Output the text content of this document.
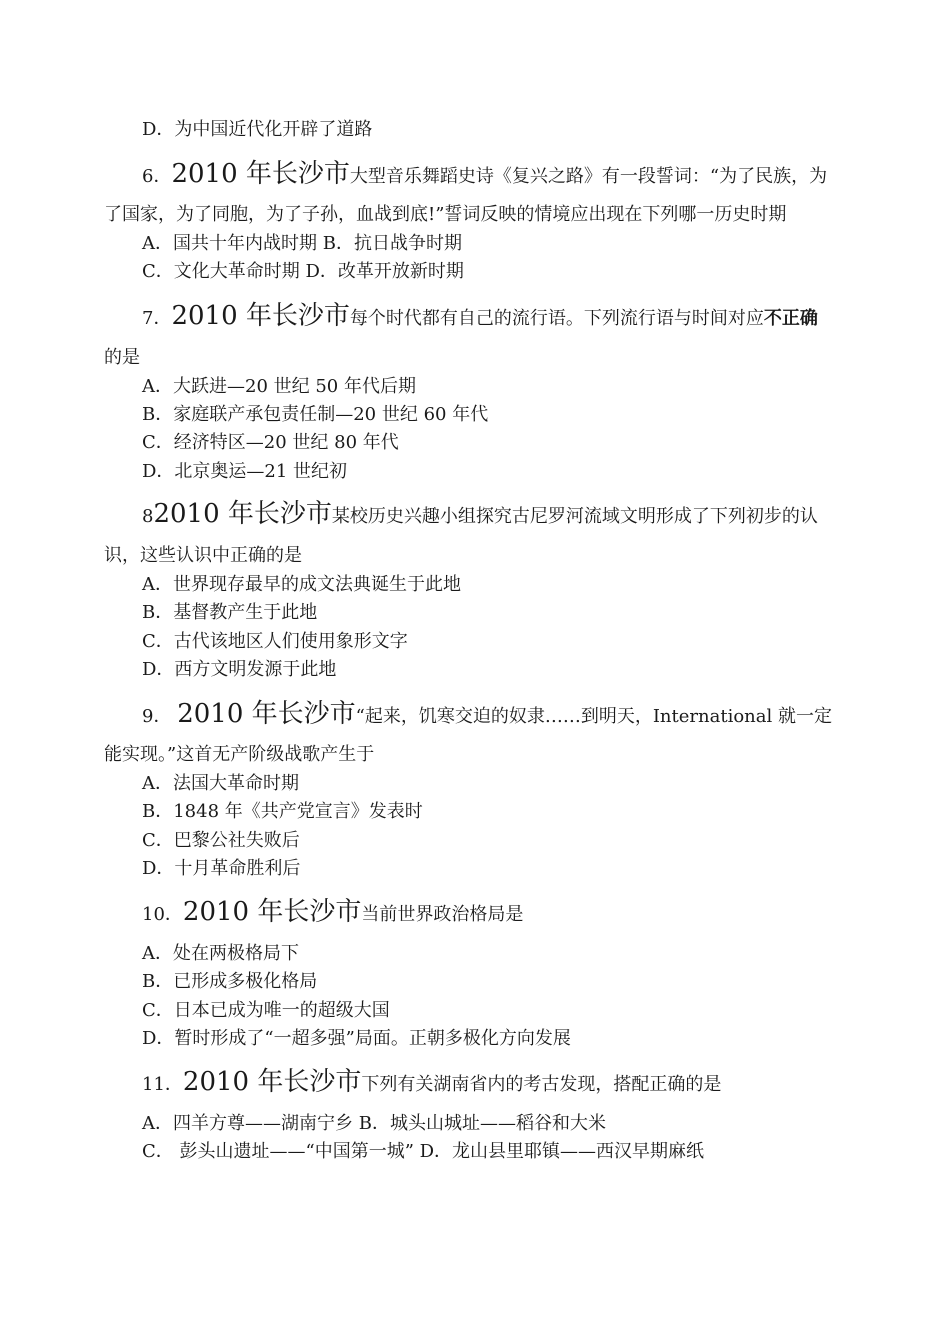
D．为中国近代化开辟了道路
6．2010 年长沙市大型音乐舞蹈史诗《复兴之路》有一段誓词：“为了民族，为
了国家，为了同胞，为了子孙，血战到底!”誓词反映的情境应出现在下列哪一历史时期
A．国共十年内战时期 B．抗日战争时期
C．文化大革命时期 D．改革开放新时期
7．2010 年长沙市每个时代都有自己的流行语。下列流行语与时间对应不正确
的是
A．大跃进—20 世纪 50 年代后期
B．家庭联产承包责任制—20 世纪 60 年代
C．经济特区—20 世纪 80 年代
D．北京奥运—21 世纪初
82010 年长沙市某校历史兴趣小组探究古尼罗河流域文明形成了下列初步的认
识，这些认识中正确的是
A．世界现存最早的成文法典诞生于此地
B．基督教产生于此地
C．古代该地区人们使用象形文字
D．西方文明发源于此地
9． 2010 年长沙市“起来，饥寒交迫的奴隶……到明天，International 就一定
能实现。”这首无产阶级战歌产生于
A．法国大革命时期
B．1848 年《共产党宣言》发表时
C．巴黎公社失败后
D．十月革命胜利后
10．2010 年长沙市当前世界政治格局是
A．处在两极格局下
B．已形成多极化格局
C．日本已成为唯一的超级大国
D．暂时形成了“一超多强”局面。正朝多极化方向发展
11．2010 年长沙市下列有关湖南省内的考古发现，搭配正确的是
A．四羊方尊——湖南宁乡 B．城头山城址——稻谷和大米
C． 彭头山遗址——“中国第一城” D．龙山县里耶镇——西汉早期麻纸
